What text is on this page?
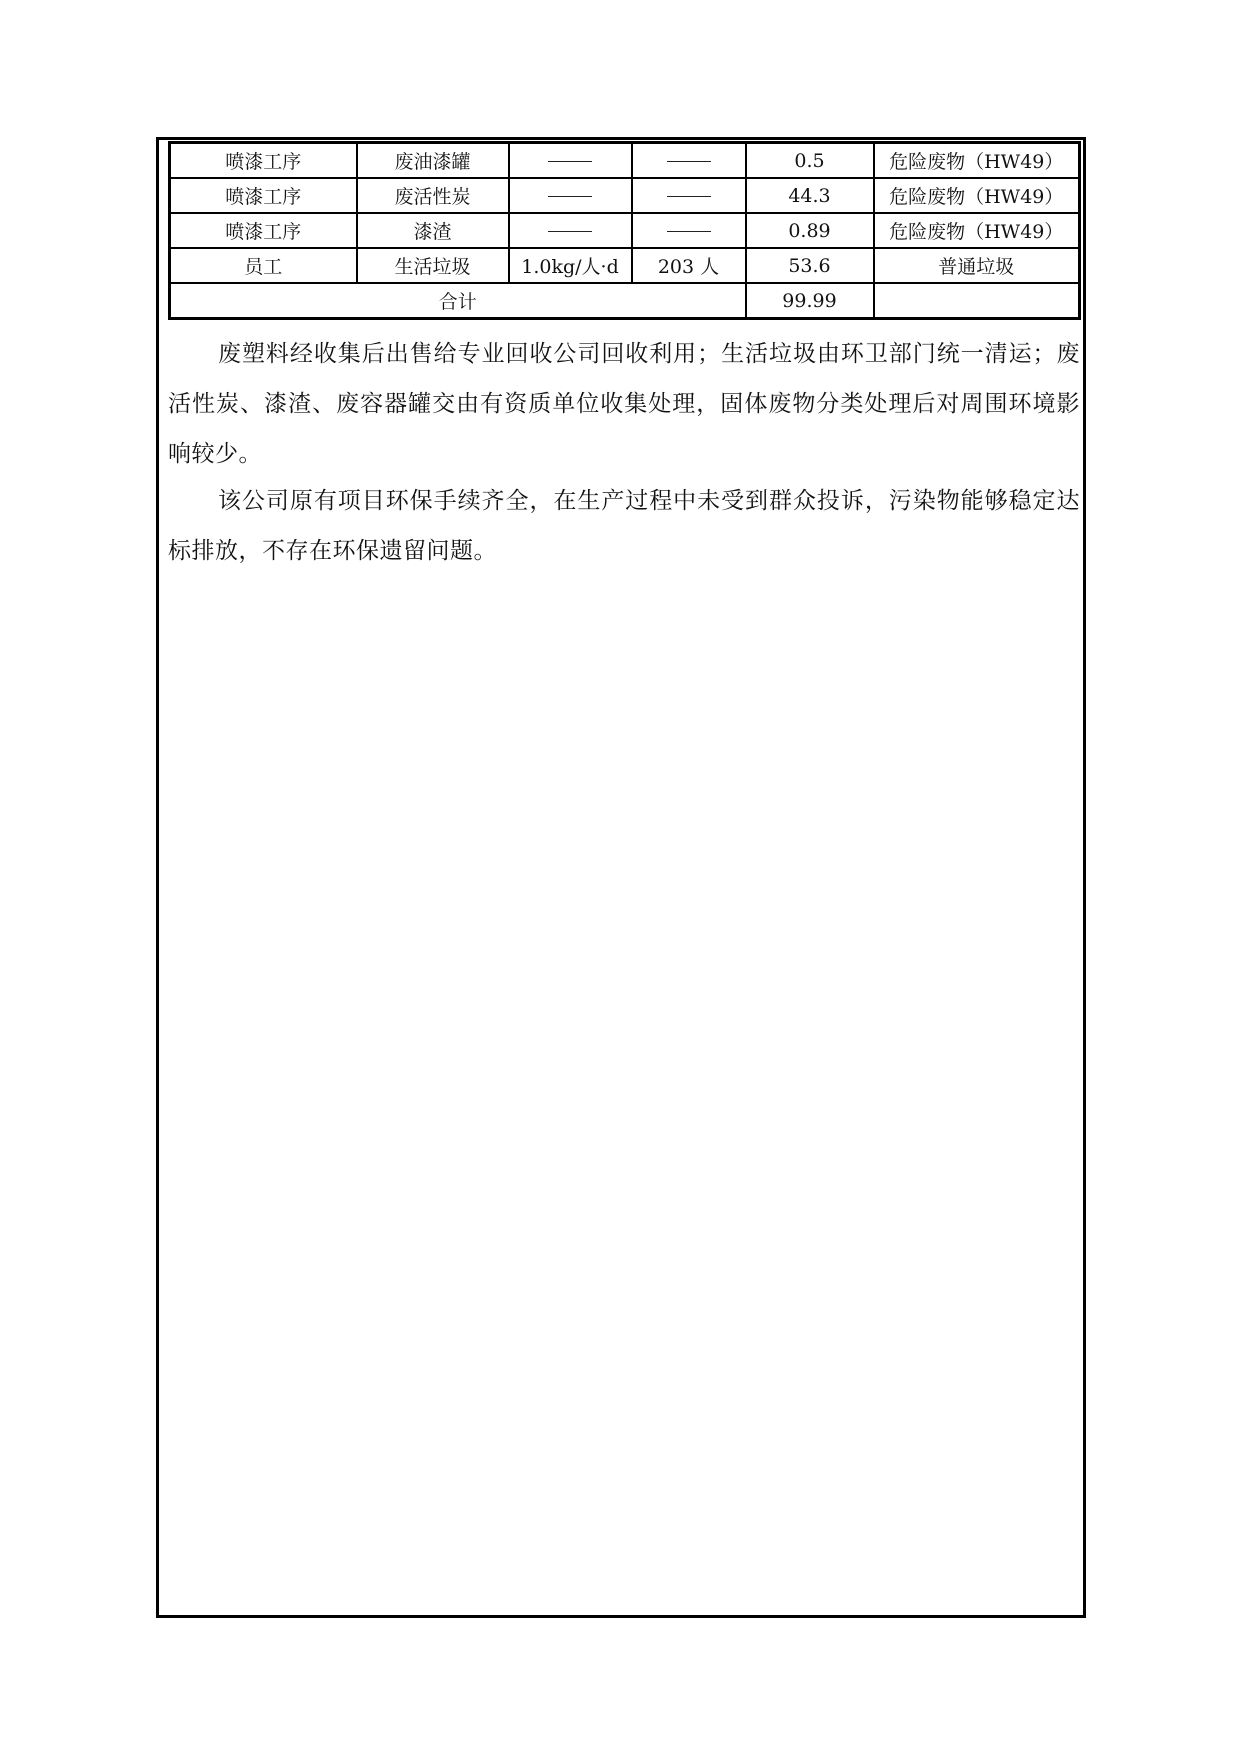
喷漆工序	废油漆罐			0.5	危险废物（HW49）
喷漆工序	废活性炭			44.3	危险废物（HW49）
喷漆工序	漆渣			0.89	危险废物（HW49）
员工	生活垃圾	1.0kg/人·d	203 人	53.6	普通垃圾
合计				99.99	

废塑料经收集后出售给专业回收公司回收利用；生活垃圾由环卫部门统一清运；废活性炭、漆渣、废容器罐交由有资质单位收集处理，固体废物分类处理后对周围环境影响较少。

该公司原有项目环保手续齐全，在生产过程中未受到群众投诉，污染物能够稳定达标排放，不存在环保遗留问题。
